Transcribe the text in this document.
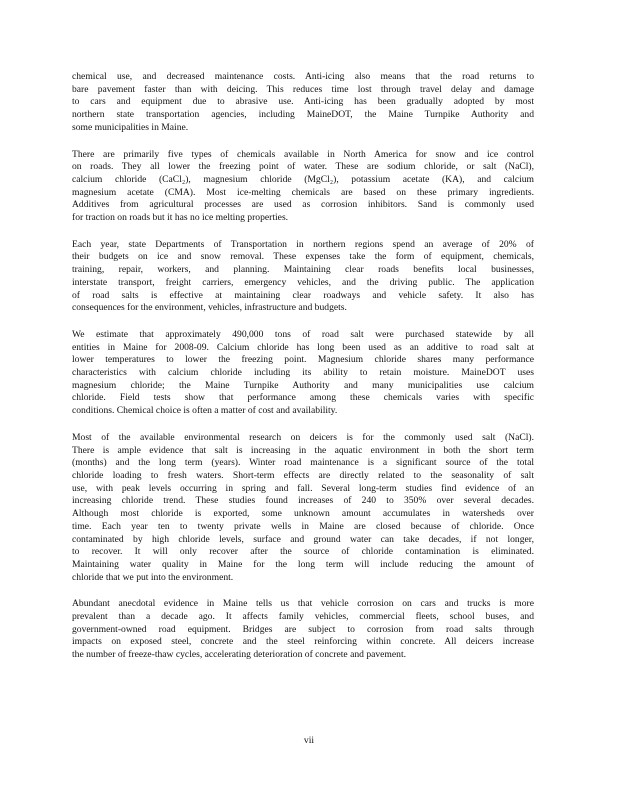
chemical use, and decreased maintenance costs. Anti-icing also means that the road returns to
bare pavement faster than with deicing. This reduces time lost through travel delay and damage
to cars and equipment due to abrasive use. Anti-icing has been gradually adopted by most
northern state transportation agencies, including MaineDOT, the Maine Turnpike Authority and
some municipalities in Maine.
There are primarily five types of chemicals available in North America for snow and ice control
on roads. They all lower the freezing point of water. These are sodium chloride, or salt (NaCl),
calcium chloride (CaCl₂), magnesium chloride (MgCl₂), potassium acetate (KA), and calcium
magnesium acetate (CMA). Most ice-melting chemicals are based on these primary ingredients.
Additives from agricultural processes are used as corrosion inhibitors. Sand is commonly used
for traction on roads but it has no ice melting properties.
Each year, state Departments of Transportation in northern regions spend an average of 20% of
their budgets on ice and snow removal. These expenses take the form of equipment, chemicals,
training, repair, workers, and planning. Maintaining clear roads benefits local businesses,
interstate transport, freight carriers, emergency vehicles, and the driving public. The application
of road salts is effective at maintaining clear roadways and vehicle safety. It also has
consequences for the environment, vehicles, infrastructure and budgets.
We estimate that approximately 490,000 tons of road salt were purchased statewide by all
entities in Maine for 2008-09. Calcium chloride has long been used as an additive to road salt at
lower temperatures to lower the freezing point. Magnesium chloride shares many performance
characteristics with calcium chloride including its ability to retain moisture. MaineDOT uses
magnesium chloride; the Maine Turnpike Authority and many municipalities use calcium
chloride. Field tests show that performance among these chemicals varies with specific
conditions. Chemical choice is often a matter of cost and availability.
Most of the available environmental research on deicers is for the commonly used salt (NaCl).
There is ample evidence that salt is increasing in the aquatic environment in both the short term
(months) and the long term (years). Winter road maintenance is a significant source of the total
chloride loading to fresh waters. Short-term effects are directly related to the seasonality of salt
use, with peak levels occurring in spring and fall. Several long-term studies find evidence of an
increasing chloride trend. These studies found increases of 240 to 350% over several decades.
Although most chloride is exported, some unknown amount accumulates in watersheds over
time. Each year ten to twenty private wells in Maine are closed because of chloride. Once
contaminated by high chloride levels, surface and ground water can take decades, if not longer,
to recover. It will only recover after the source of chloride contamination is eliminated.
Maintaining water quality in Maine for the long term will include reducing the amount of
chloride that we put into the environment.
Abundant anecdotal evidence in Maine tells us that vehicle corrosion on cars and trucks is more
prevalent than a decade ago. It affects family vehicles, commercial fleets, school buses, and
government-owned road equipment. Bridges are subject to corrosion from road salts through
impacts on exposed steel, concrete and the steel reinforcing within concrete. All deicers increase
the number of freeze-thaw cycles, accelerating deterioration of concrete and pavement.
vii
